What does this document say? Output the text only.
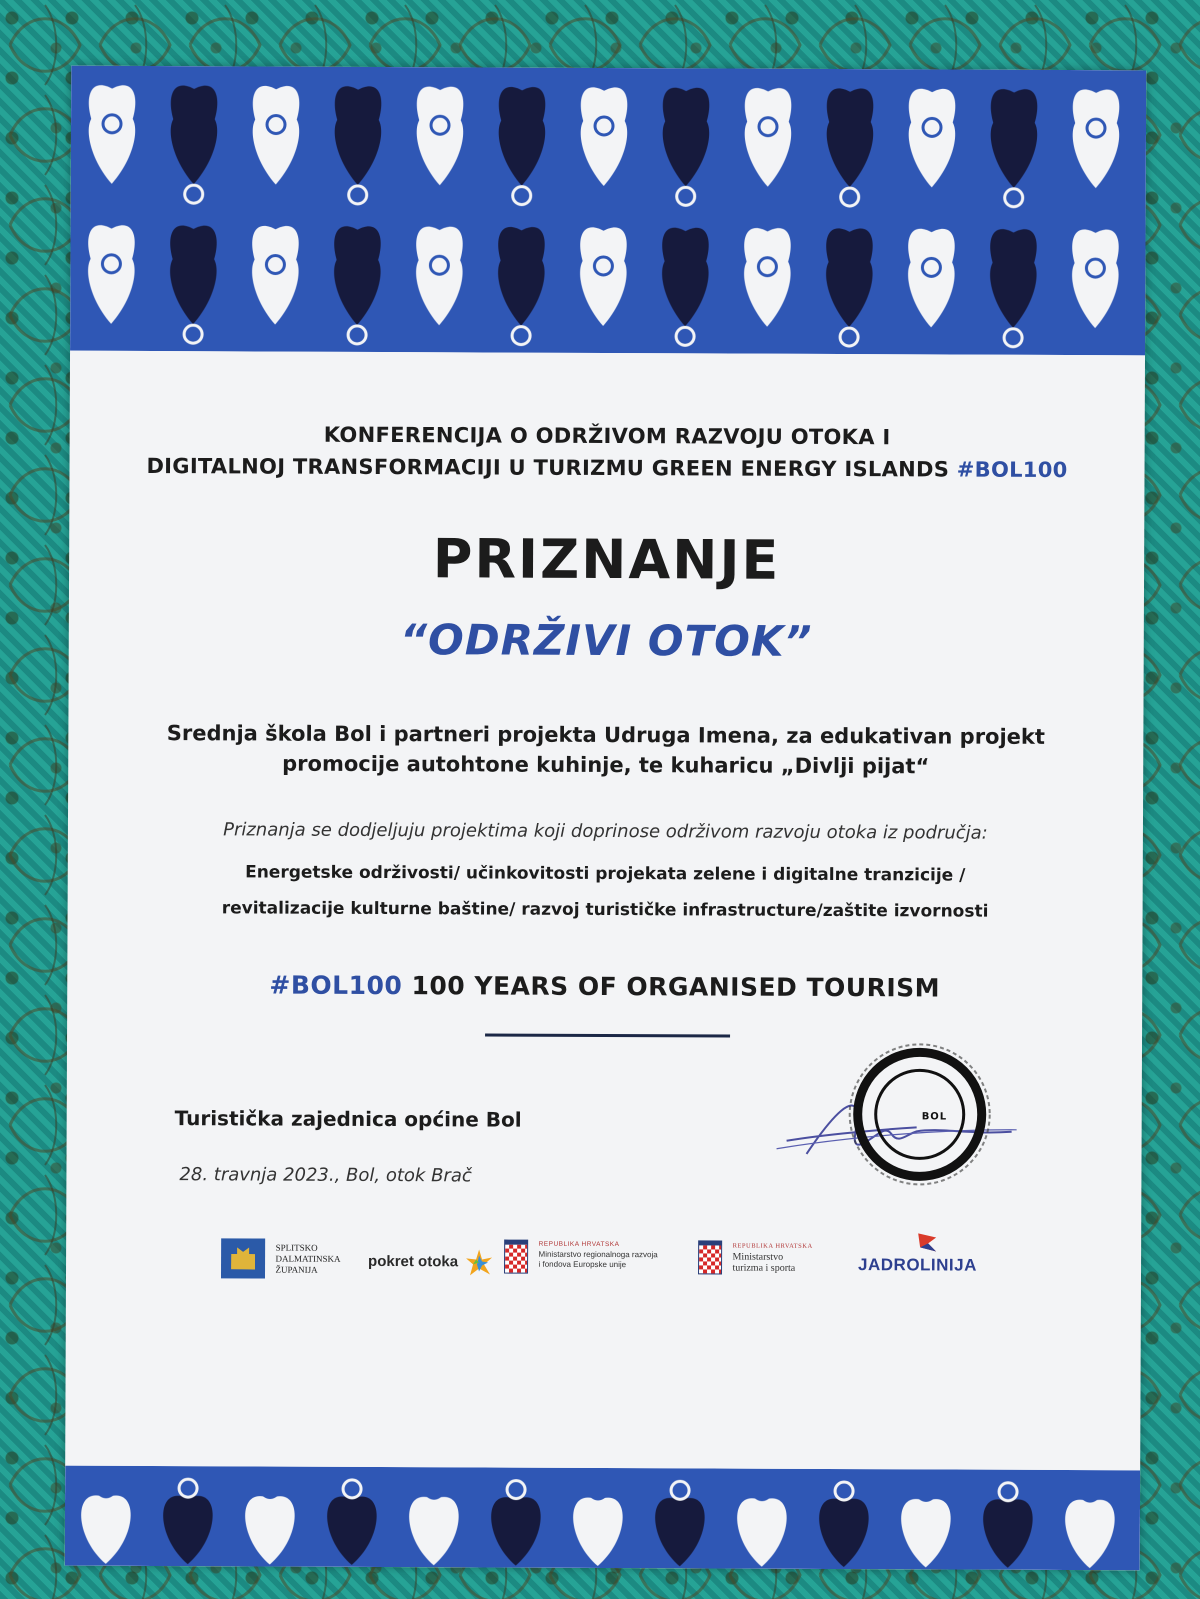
KONFERENCIJA O ODRŽIVOM RAZVOJU OTOKA I
DIGITALNOJ TRANSFORMACIJI U TURIZMU GREEN ENERGY ISLANDS #BOL100
PRIZNANJE
“ODRŽIVI OTOK”
Srednja škola Bol i partneri projekta Udruga Imena, za edukativan projekt
promocije autohtone kuhinje, te kuharicu „Divlji pijat“
Priznanja se dodjeljuju projektima koji doprinose održivom razvoju otoka iz područja:
Energetske održivosti/ učinkovitosti projekata zelene i digitalne tranzicije /
revitalizacije kulturne baštine/ razvoj turističke infrastructure/zaštite izvornosti
#BOL100 100 YEARS OF ORGANISED TOURISM
Turistička zajednica općine Bol
28. travnja 2023., Bol, otok Brač
BOL

SPLITSKO
DALMATINSKA
ŽUPANIJA	pokret otoka

REPUBLIKA HRVATSKA
Ministarstvo regionalnoga razvoja
i fondova Europske unije

REPUBLIKA HRVATSKA
Ministarstvo
turizma i sporta	JADROLINIJA
